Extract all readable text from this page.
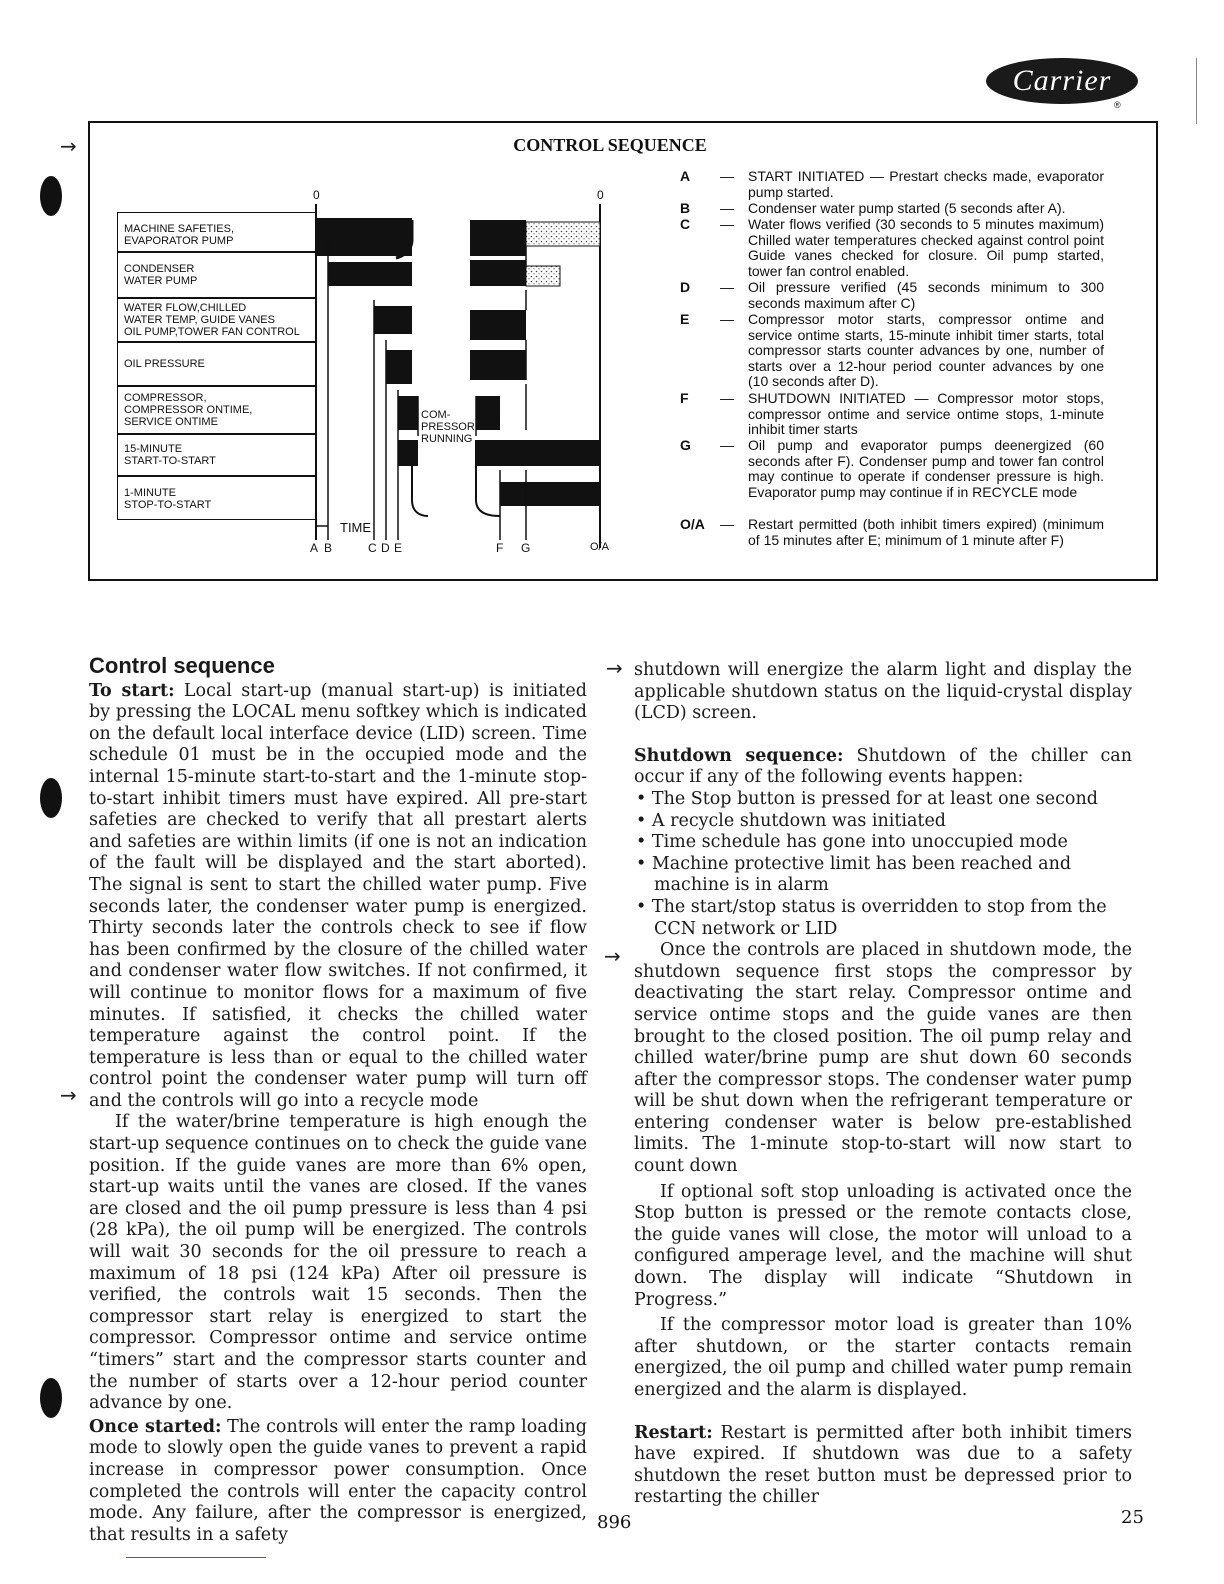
Carrier
®
→
→
→
→
CONTROL SEQUENCE
MACHINE SAFETIES,
EVAPORATOR PUMP
CONDENSER
WATER PUMP
WATER FLOW,CHILLED
WATER TEMP, GUIDE VANES
OIL PUMP,TOWER FAN CONTROL
OIL PRESSURE
COMPRESSOR,
COMPRESSOR ONTIME,
SERVICE ONTIME
15-MINUTE
START-TO-START
1-MINUTE
STOP-TO-START
0	0
TIME
COM-
PRESSOR
RUNNING
A B	C D E	F G	O/A
A	— START INITIATED — Prestart checks made, evaporator pump started.
B	— Condenser water pump started (5 seconds after A).
C	— Water flows verified (30 seconds to 5 minutes maximum) Chilled water temperatures checked against control point Guide vanes checked for closure. Oil pump started, tower fan control enabled.
D	— Oil pressure verified (45 seconds minimum to 300 seconds maximum after C)
E	— Compressor motor starts, compressor ontime and service ontime starts, 15-minute inhibit timer starts, total compressor starts counter advances by one, number of starts over a 12-hour period counter advances by one (10 seconds after D).
F	— SHUTDOWN INITIATED — Compressor motor stops, compressor ontime and service ontime stops, 1-minute inhibit timer starts
G	— Oil pump and evaporator pumps deenergized (60 seconds after F). Condenser pump and tower fan control may continue to operate if condenser pressure is high. Evaporator pump may continue if in RECYCLE mode
O/A	— Restart permitted (both inhibit timers expired) (minimum of 15 minutes after E; minimum of 1 minute after F)
Control sequence

To start: Local start-up (manual start-up) is initiated by pressing the LOCAL menu softkey which is indicated on the default local interface device (LID) screen. Time schedule 01 must be in the occupied mode and the internal 15-minute start-to-start and the 1-minute stop-to-start inhibit timers must have expired. All pre-start safeties are checked to verify that all prestart alerts and safeties are within limits (if one is not an indication of the fault will be displayed and the start aborted). The signal is sent to start the chilled water pump. Five seconds later, the condenser water pump is energized. Thirty seconds later the controls check to see if flow has been confirmed by the closure of the chilled water and condenser water flow switches. If not confirmed, it will continue to monitor flows for a maximum of five minutes. If satisfied, it checks the chilled water temperature against the control point. If the temperature is less than or equal to the chilled water control point the condenser water pump will turn off and the controls will go into a recycle mode

If the water/brine temperature is high enough the start-up sequence continues on to check the guide vane position. If the guide vanes are more than 6% open, start-up waits until the vanes are closed. If the vanes are closed and the oil pump pressure is less than 4 psi (28 kPa), the oil pump will be energized. The controls will wait 30 seconds for the oil pressure to reach a maximum of 18 psi (124 kPa) After oil pressure is verified, the controls wait 15 seconds. Then the compressor start relay is energized to start the compressor. Compressor ontime and service ontime “timers” start and the compressor starts counter and the number of starts over a 12-hour period counter advance by one.

Once started: The controls will enter the ramp loading mode to slowly open the guide vanes to prevent a rapid increase in compressor power consumption. Once completed the controls will enter the capacity control mode. Any failure, after the compressor is energized, that results in a safety

shutdown will energize the alarm light and display the applicable shutdown status on the liquid-crystal display (LCD) screen.

Shutdown sequence: Shutdown of the chiller can occur if any of the following events happen:

• The Stop button is pressed for at least one second
• A recycle shutdown was initiated
• Time schedule has gone into unoccupied mode
• Machine protective limit has been reached and machine is in alarm
• The start/stop status is overridden to stop from the CCN network or LID

Once the controls are placed in shutdown mode, the shutdown sequence first stops the compressor by deactivating the start relay. Compressor ontime and service ontime stops and the guide vanes are then brought to the closed position. The oil pump relay and chilled water/brine pump are shut down 60 seconds after the compressor stops. The condenser water pump will be shut down when the refrigerant temperature or entering condenser water is below pre-established limits. The 1-minute stop-to-start will now start to count down

If optional soft stop unloading is activated once the Stop button is pressed or the remote contacts close, the guide vanes will close, the motor will unload to a configured amperage level, and the machine will shut down. The display will indicate “Shutdown in Progress.”

If the compressor motor load is greater than 10% after shutdown, or the starter contacts remain energized, the oil pump and chilled water pump remain energized and the alarm is displayed.

Restart: Restart is permitted after both inhibit timers have expired. If shutdown was due to a safety shutdown the reset button must be depressed prior to restarting the chiller

896	25
